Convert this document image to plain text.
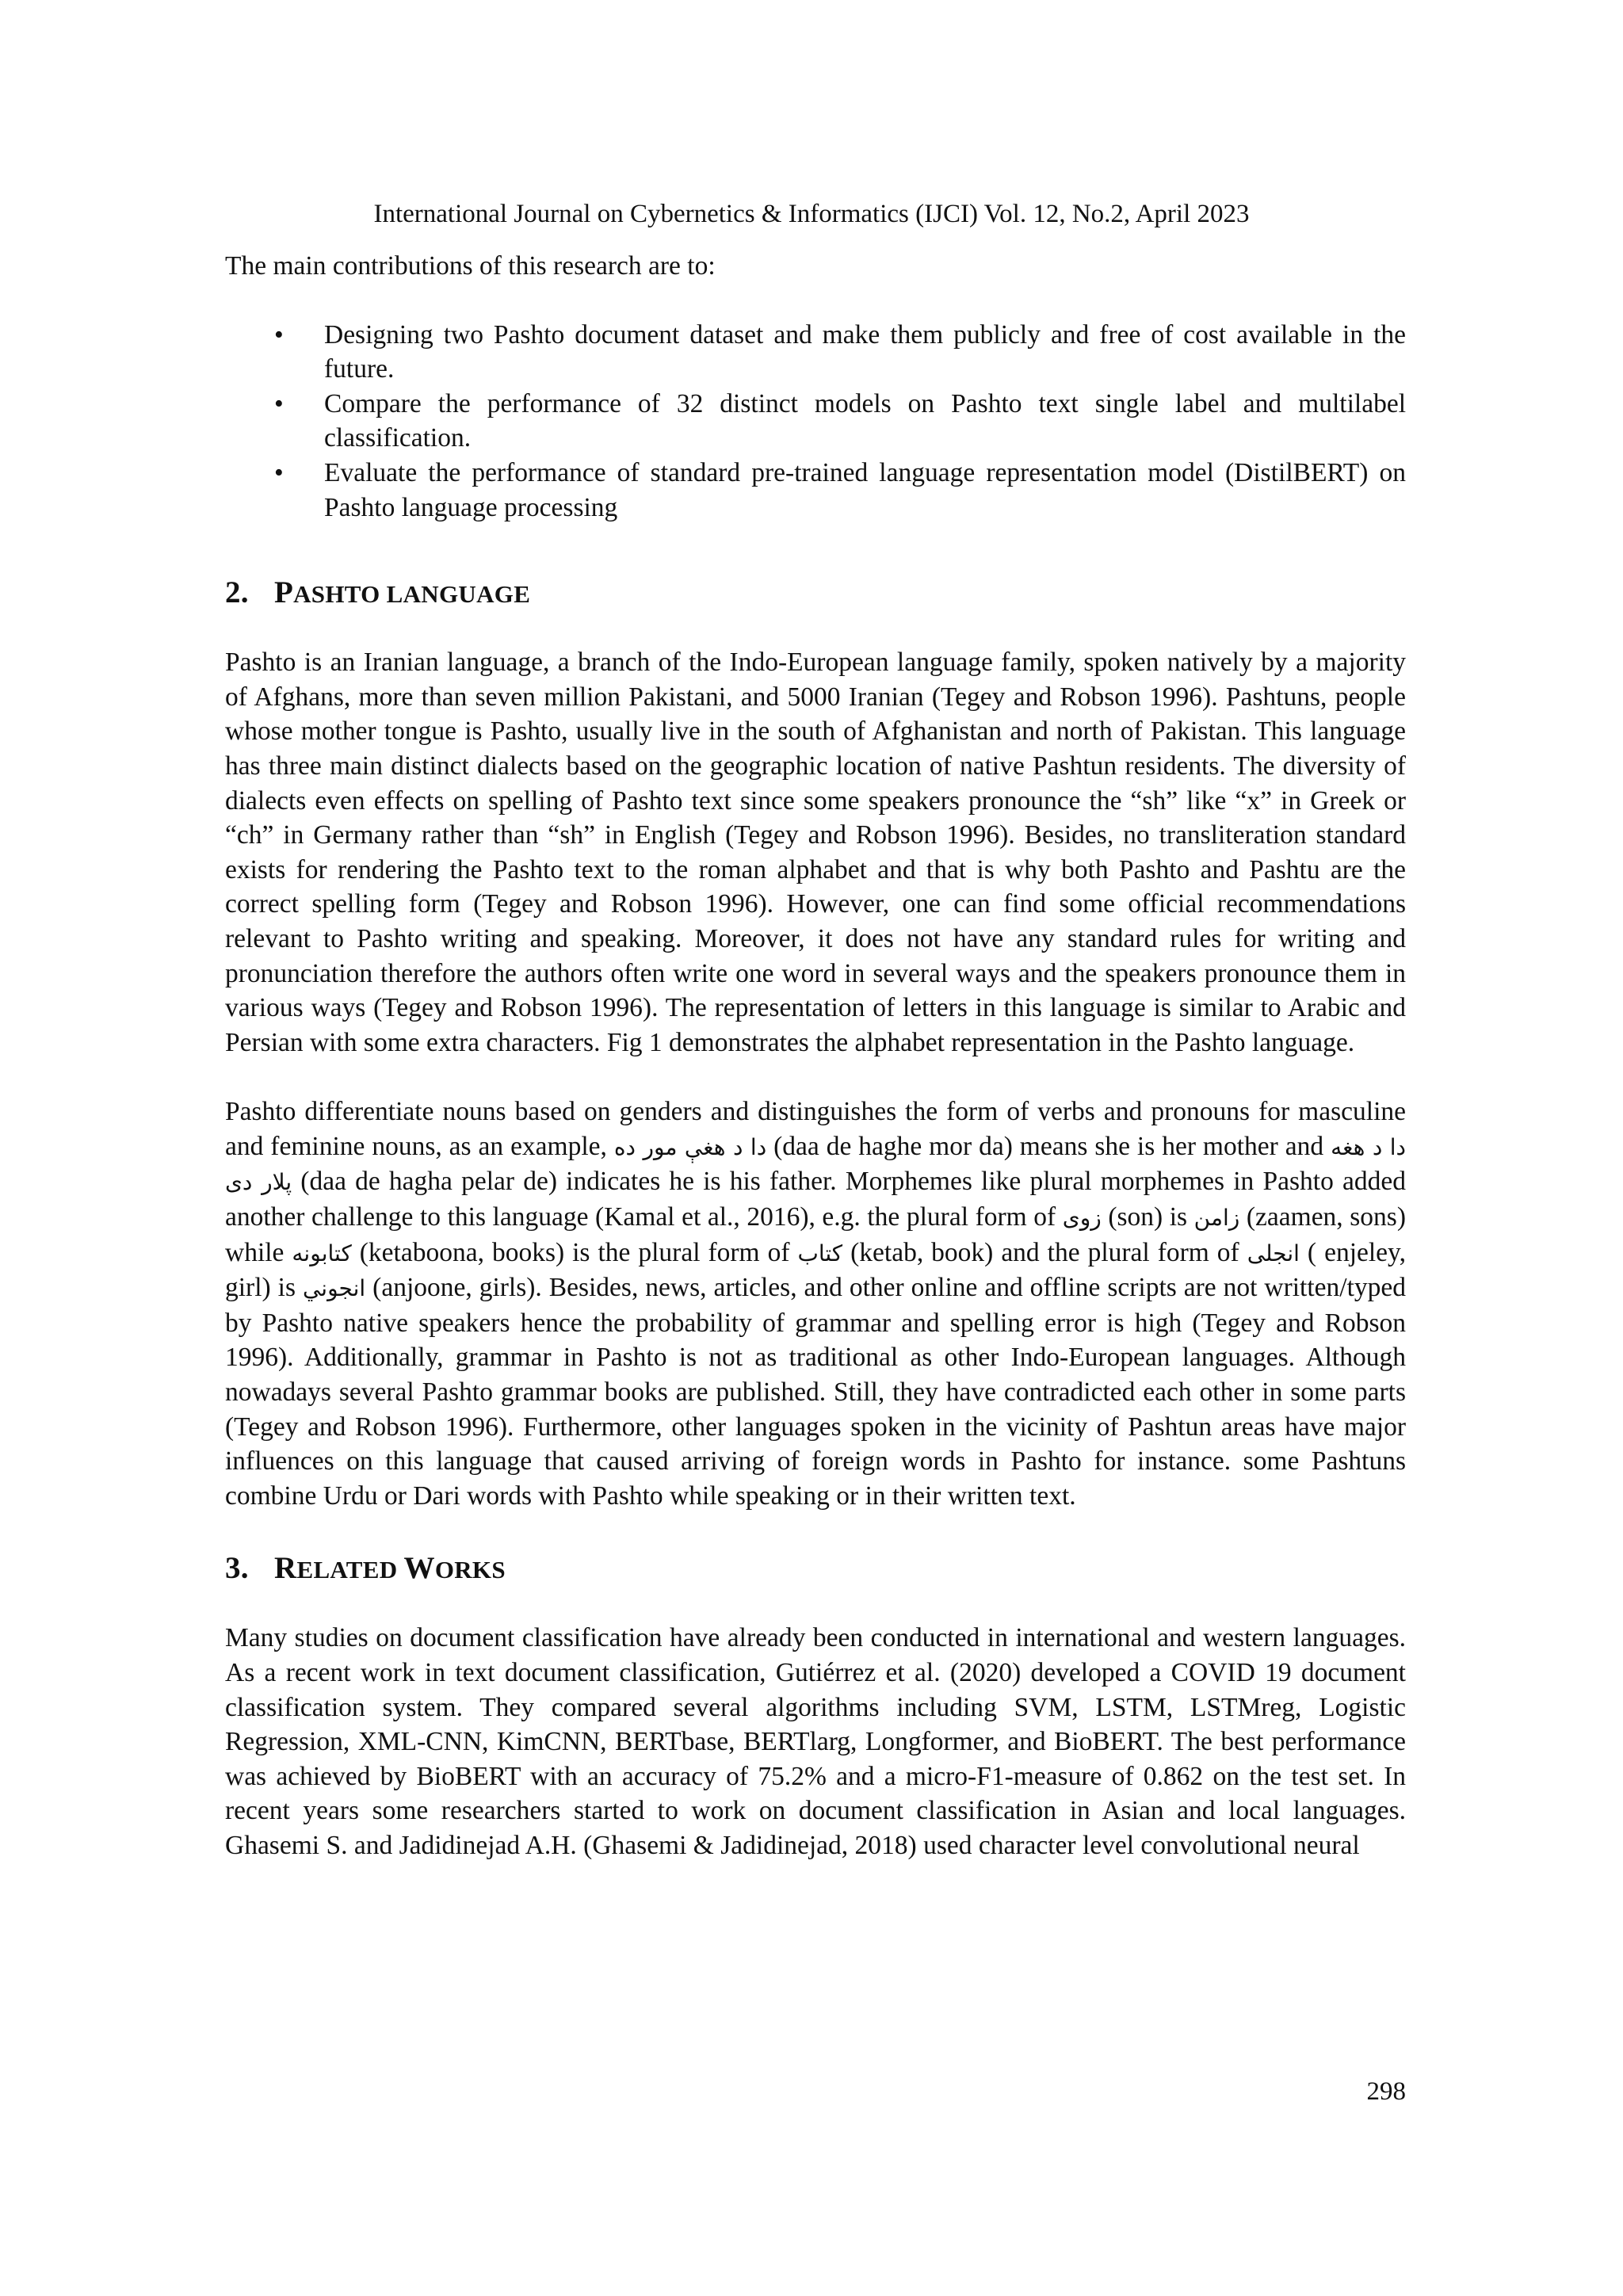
International Journal on Cybernetics & Informatics (IJCI) Vol. 12, No.2, April 2023

The main contributions of this research are to:

• Designing two Pashto document dataset and make them publicly and free of cost available in the future.
• Compare the performance of 32 distinct models on Pashto text single label and multilabel classification.
• Evaluate the performance of standard pre-trained language representation model (DistilBERT) on Pashto language processing
2. PASHTO LANGUAGE

Pashto is an Iranian language, a branch of the Indo-European language family, spoken natively by a majority of Afghans, more than seven million Pakistani, and 5000 Iranian (Tegey and Robson 1996). Pashtuns, people whose mother tongue is Pashto, usually live in the south of Afghanistan and north of Pakistan. This language has three main distinct dialects based on the geographic location of native Pashtun residents. The diversity of dialects even effects on spelling of Pashto text since some speakers pronounce the “sh” like “x” in Greek or “ch” in Germany rather than “sh” in English (Tegey and Robson 1996). Besides, no transliteration standard exists for rendering the Pashto text to the roman alphabet and that is why both Pashto and Pashtu are the correct spelling form (Tegey and Robson 1996). However, one can find some official recommendations relevant to Pashto writing and speaking. Moreover, it does not have any standard rules for writing and pronunciation therefore the authors often write one word in several ways and the speakers pronounce them in various ways (Tegey and Robson 1996). The representation of letters in this language is similar to Arabic and Persian with some extra characters. Fig 1 demonstrates the alphabet representation in the Pashto language.

Pashto differentiate nouns based on genders and distinguishes the form of verbs and pronouns for masculine and feminine nouns, as an example, دا د هغې مور ده (daa de haghe mor da) means she is her mother and دا د هغه پلار دی (daa de hagha pelar de) indicates he is his father. Morphemes like plural morphemes in Pashto added another challenge to this language (Kamal et al., 2016), e.g. the plural form of زوی (son) is زامن (zaamen, sons) while كتابونه (ketaboona, books) is the plural form of كتاب (ketab, book) and the plural form of انجلی ( enjeley, girl) is انجوني (anjoone, girls). Besides, news, articles, and other online and offline scripts are not written/typed by Pashto native speakers hence the probability of grammar and spelling error is high (Tegey and Robson 1996). Additionally, grammar in Pashto is not as traditional as other Indo-European languages. Although nowadays several Pashto grammar books are published. Still, they have contradicted each other in some parts (Tegey and Robson 1996). Furthermore, other languages spoken in the vicinity of Pashtun areas have major influences on this language that caused arriving of foreign words in Pashto for instance. some Pashtuns combine Urdu or Dari words with Pashto while speaking or in their written text.

3. RELATED WORKS

Many studies on document classification have already been conducted in international and western languages. As a recent work in text document classification, Gutiérrez et al. (2020) developed a COVID 19 document classification system. They compared several algorithms including SVM, LSTM, LSTMreg, Logistic Regression, XML-CNN, KimCNN, BERTbase, BERTlarg, Longformer, and BioBERT. The best performance was achieved by BioBERT with an accuracy of 75.2% and a micro-F1-measure of 0.862 on the test set. In recent years some researchers started to work on document classification in Asian and local languages. Ghasemi S. and Jadidinejad A.H. (Ghasemi & Jadidinejad, 2018) used character level convolutional neural

298
